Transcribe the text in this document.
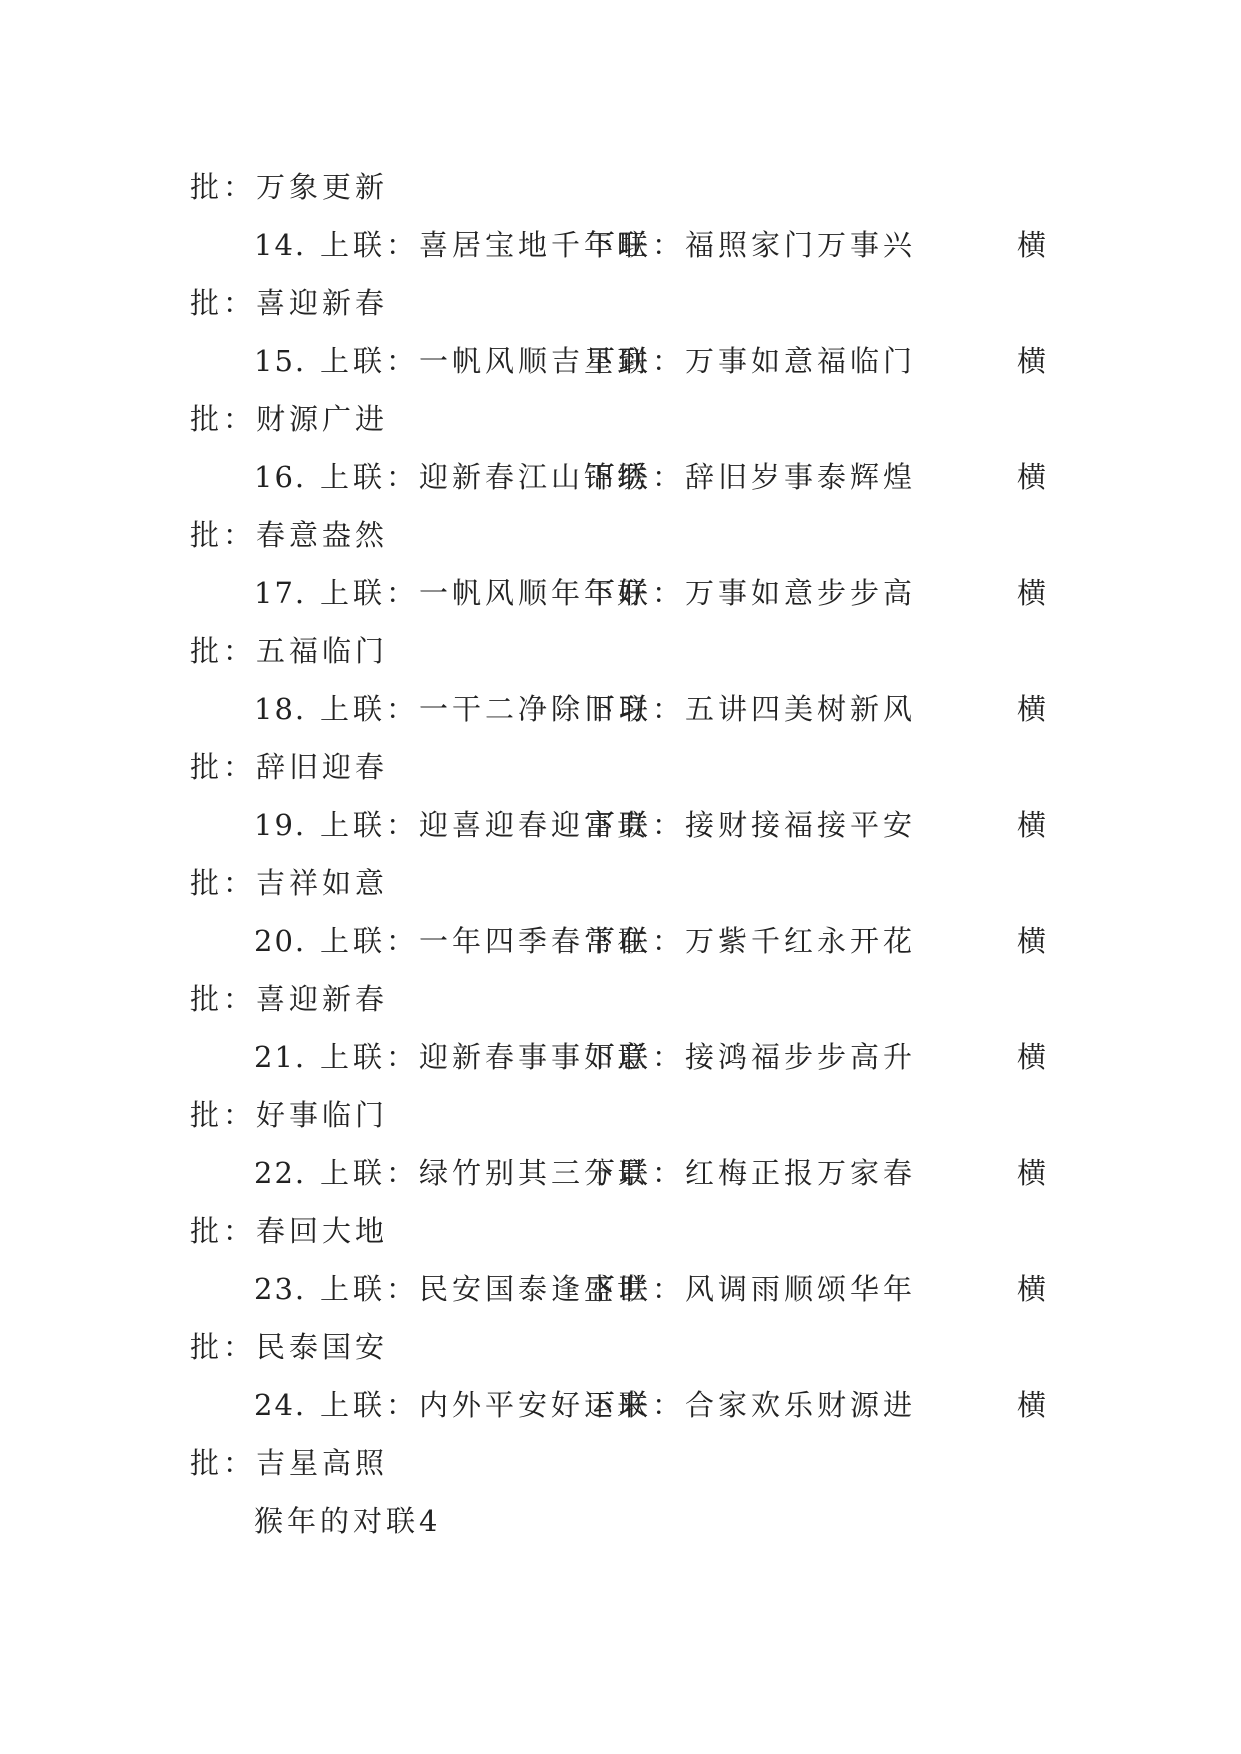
批：万象更新
14. 上联：喜居宝地千年旺
下联：福照家门万事兴	横
批：喜迎新春
15. 上联：一帆风顺吉星到
下联：万事如意福临门	横
批：财源广进
16. 上联：迎新春江山锦绣
下联：辞旧岁事泰辉煌	横
批：春意盎然
17. 上联：一帆风顺年年好
下联：万事如意步步高	横
批：五福临门
18. 上联：一干二净除旧习
下联：五讲四美树新风	横
批：辞旧迎春
19. 上联：迎喜迎春迎富贵
下联：接财接福接平安	横
批：吉祥如意
20. 上联：一年四季春常在
下联：万紫千红永开花	横
批：喜迎新春
21. 上联：迎新春事事如意
下联：接鸿福步步高升	横
批：好事临门
22. 上联：绿竹别其三分景
下联：红梅正报万家春	横
批：春回大地
23. 上联：民安国泰逢盛世
下联：风调雨顺颂华年	横
批：民泰国安
24. 上联：内外平安好运来
下联：合家欢乐财源进	横
批：吉星高照
猴年的对联4
